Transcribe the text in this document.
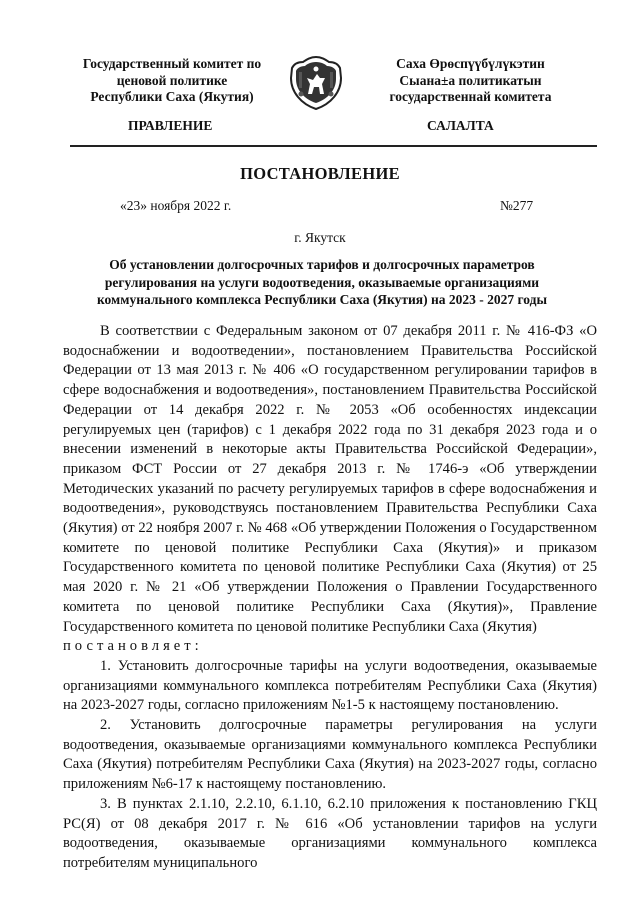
Государственный комитет по
ценовой политике
Республики Саха (Якутия)
Саха Өрөспүүбүлүкэтин
Сыана±а политикатын
государственнай комитета
ПРАВЛЕНИЕ	САЛАЛТА
ПОСТАНОВЛЕНИЕ
«23» ноября 2022 г.	№277
г. Якутск
Об установлении долгосрочных тарифов и долгосрочных параметров
регулирования на услуги водоотведения, оказываемые организациями
коммунального комплекса Республики Саха (Якутия) на 2023 - 2027 годы

В соответствии с Федеральным законом от 07 декабря 2011 г. № 416-ФЗ «О водоснабжении и водоотведении», постановлением Правительства Российской Федерации от 13 мая 2013 г. № 406 «О государственном регулировании тарифов в сфере водоснабжения и водоотведения», постановлением Правительства Российской Федерации от 14 декабря 2022 г. № 2053 «Об особенностях индексации регулируемых цен (тарифов) с 1 декабря 2022 года по 31 декабря 2023 года и о внесении изменений в некоторые акты Правительства Российской Федерации», приказом ФСТ России от 27 декабря 2013 г. № 1746-э «Об утверждении Методических указаний по расчету регулируемых тарифов в сфере водоснабжения и водоотведения», руководствуясь постановлением Правительства Республики Саха (Якутия) от 22 ноября 2007 г. № 468 «Об утверждении Положения о Государственном комитете по ценовой политике Республики Саха (Якутия)» и приказом Государственного комитета по ценовой политике Республики Саха (Якутия) от 25 мая 2020 г. № 21 «Об утверждении Положения о Правлении Государственного комитета по ценовой политике Республики Саха (Якутия)», Правление Государственного комитета по ценовой политике Республики Саха (Якутия)

постановляет:

1. Установить долгосрочные тарифы на услуги водоотведения, оказываемые организациями коммунального комплекса потребителям Республики Саха (Якутия) на 2023-2027 годы, согласно приложениям №1-5 к настоящему постановлению.

2. Установить долгосрочные параметры регулирования на услуги водоотведения, оказываемые организациями коммунального комплекса Республики Саха (Якутия) потребителям Республики Саха (Якутия) на 2023-2027 годы, согласно приложениям №6-17 к настоящему постановлению.

3. В пунктах 2.1.10, 2.2.10, 6.1.10, 6.2.10 приложения к постановлению ГКЦ РС(Я) от 08 декабря 2017 г. № 616 «Об установлении тарифов на услуги водоотведения, оказываемые организациями коммунального комплекса потребителям муниципального
